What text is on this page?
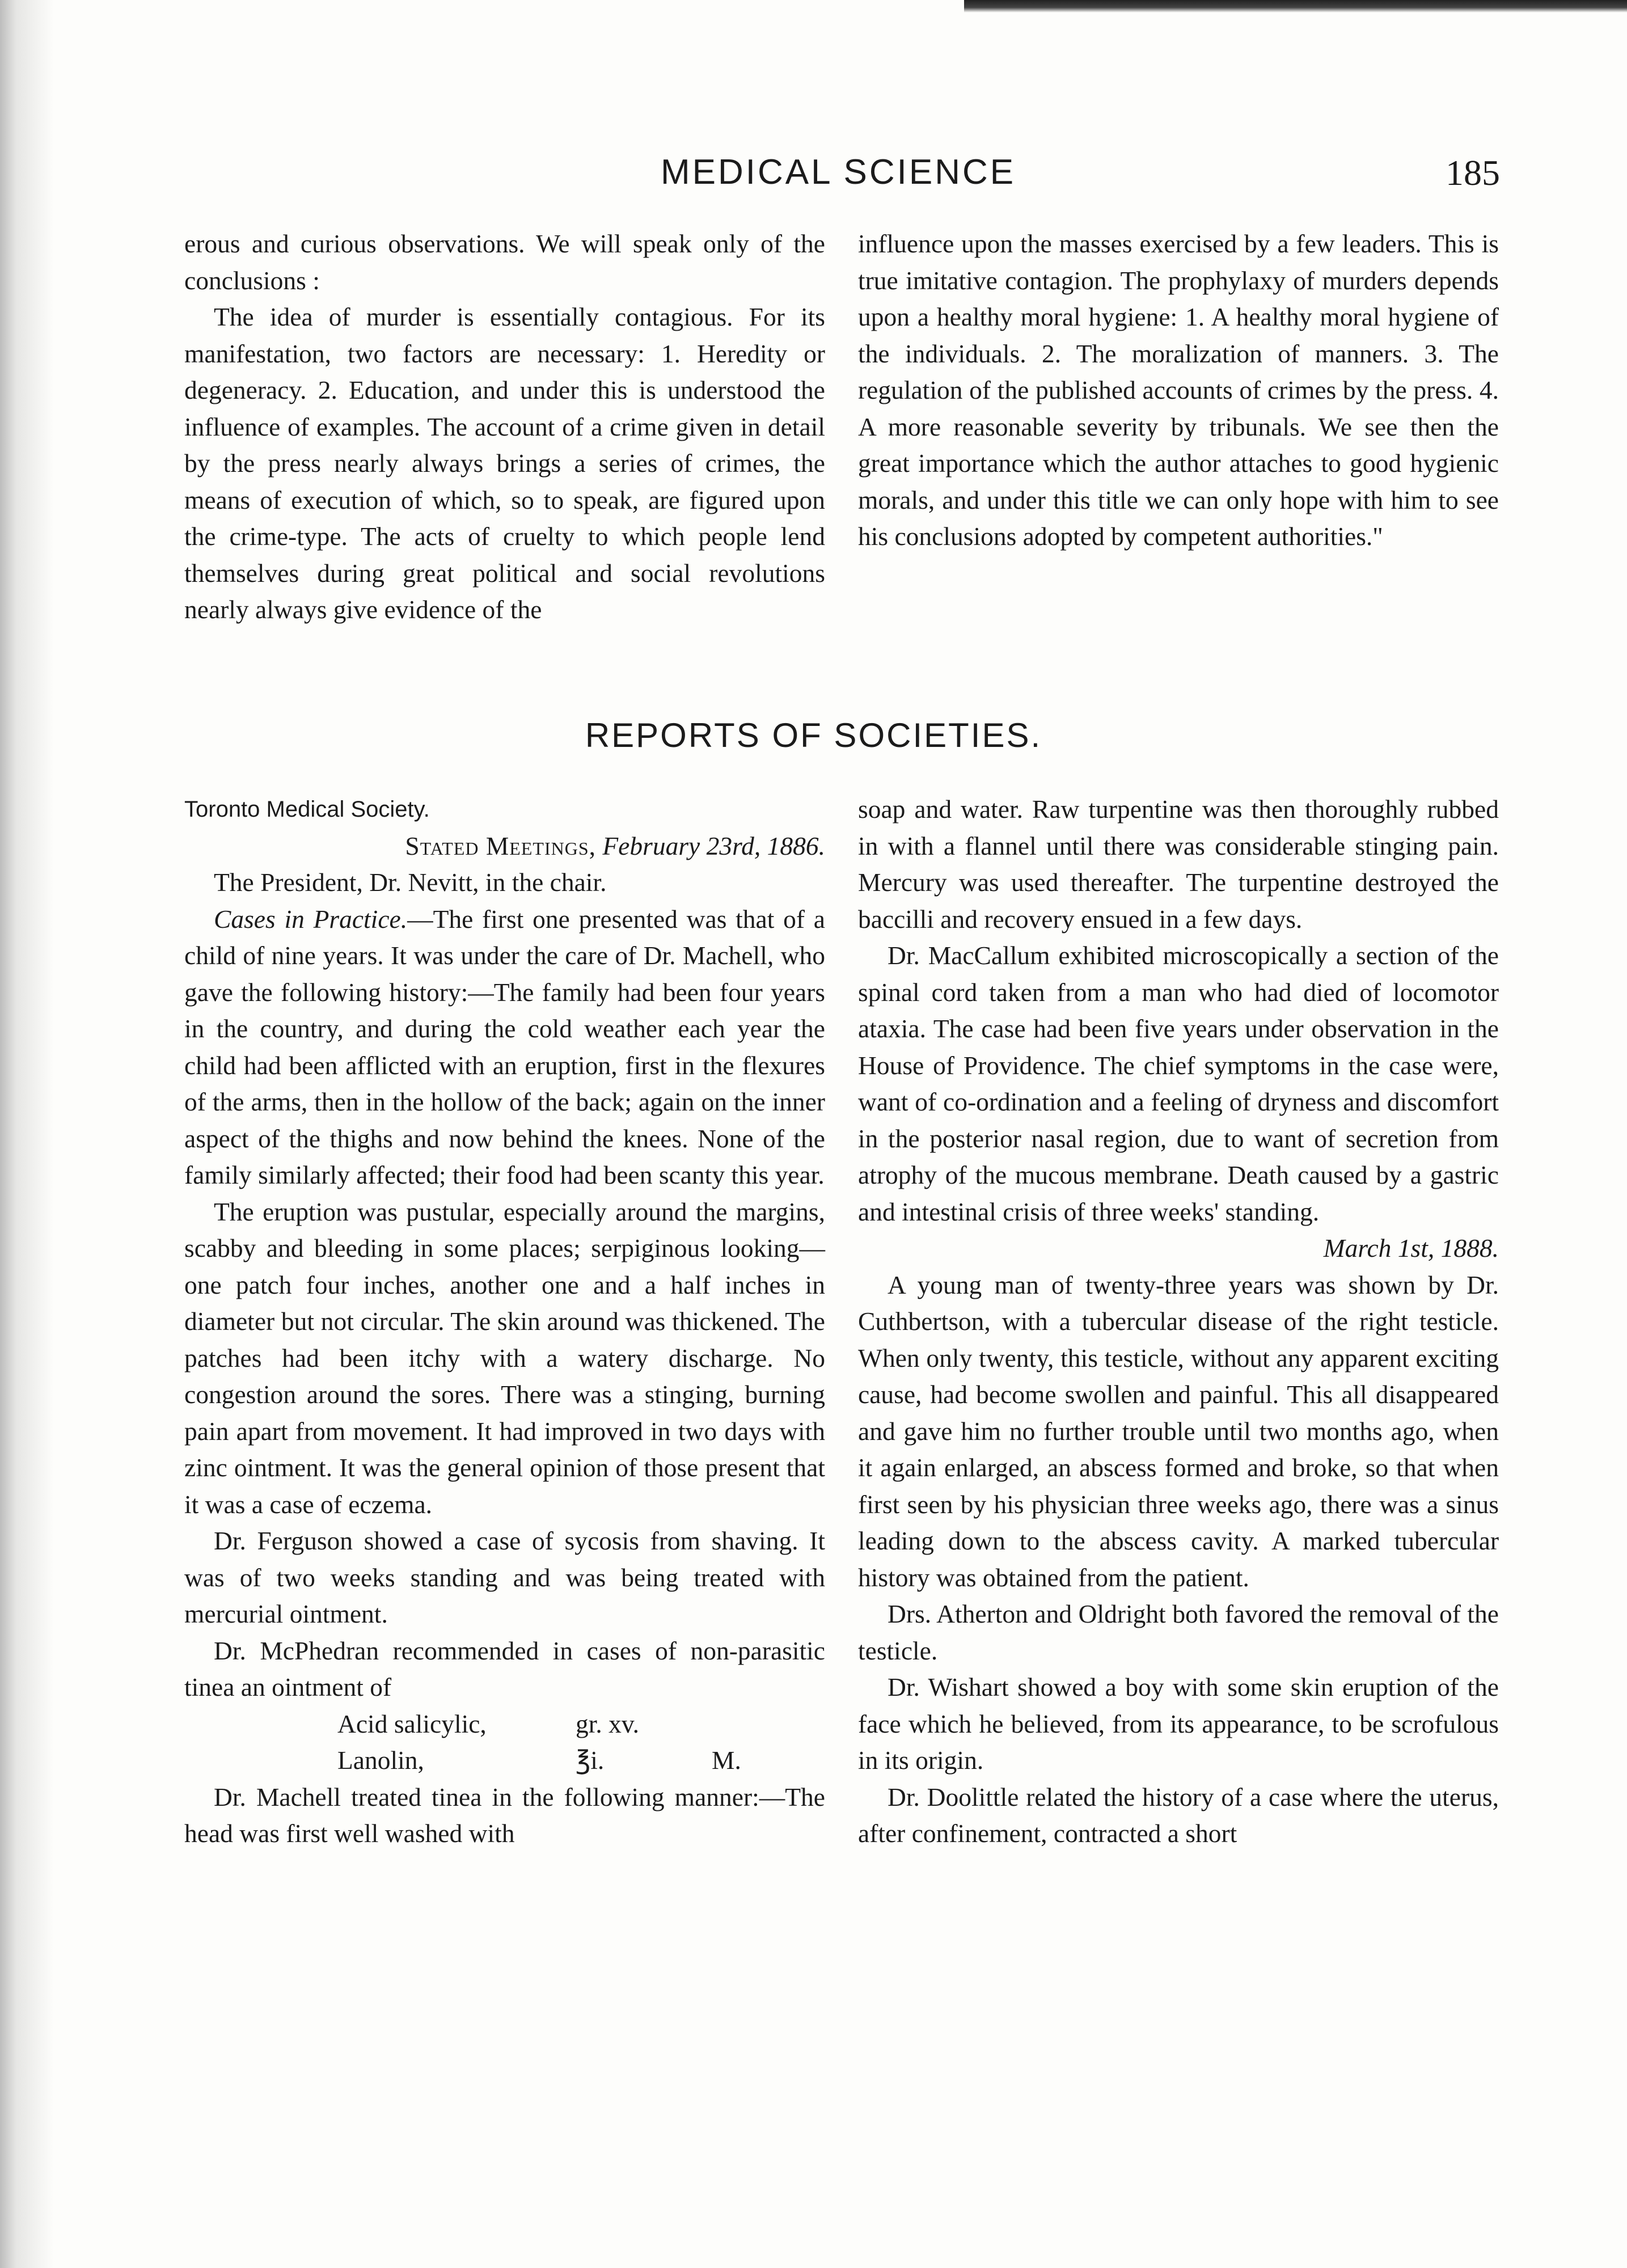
MEDICAL SCIENCE	185

erous and curious observations. We will speak only of the conclusions :

The idea of murder is essentially contagious. For its manifestation, two factors are necessary: 1. Heredity or degeneracy. 2. Education, and under this is understood the influence of examples. The account of a crime given in detail by the press nearly always brings a series of crimes, the means of execution of which, so to speak, are figured upon the crime-type. The acts of cruelty to which people lend themselves during great political and social revolutions nearly always give evidence of the

influence upon the masses exercised by a few leaders. This is true imitative contagion. The prophylaxy of murders depends upon a healthy moral hygiene: 1. A healthy moral hygiene of the individuals. 2. The moralization of manners. 3. The regulation of the published accounts of crimes by the press. 4. A more reasonable severity by tribunals. We see then the great importance which the author attaches to good hygienic morals, and under this title we can only hope with him to see his conclusions adopted by competent authorities."

REPORTS OF SOCIETIES.

Toronto Medical Society.

Stated Meetings, February 23rd, 1886.

The President, Dr. Nevitt, in the chair.

Cases in Practice.—The first one presented was that of a child of nine years. It was under the care of Dr. Machell, who gave the following history:—The family had been four years in the country, and during the cold weather each year the child had been afflicted with an eruption, first in the flexures of the arms, then in the hollow of the back; again on the inner aspect of the thighs and now behind the knees. None of the family similarly affected; their food had been scanty this year.

The eruption was pustular, especially around the margins, scabby and bleeding in some places; serpiginous looking—one patch four inches, another one and a half inches in diameter but not circular. The skin around was thickened. The patches had been itchy with a watery discharge. No congestion around the sores. There was a stinging, burning pain apart from movement. It had improved in two days with zinc ointment. It was the general opinion of those present that it was a case of eczema.

Dr. Ferguson showed a case of sycosis from shaving. It was of two weeks standing and was being treated with mercurial ointment.

Dr. McPhedran recommended in cases of non-parasitic tinea an ointment of

Acid salicylic,	gr. xv.
Lanolin,	℥i.	M.

Dr. Machell treated tinea in the following manner:—The head was first well washed with

soap and water. Raw turpentine was then thoroughly rubbed in with a flannel until there was considerable stinging pain. Mercury was used thereafter. The turpentine destroyed the baccilli and recovery ensued in a few days.

Dr. MacCallum exhibited microscopically a section of the spinal cord taken from a man who had died of locomotor ataxia. The case had been five years under observation in the House of Providence. The chief symptoms in the case were, want of co-ordination and a feeling of dryness and discomfort in the posterior nasal region, due to want of secretion from atrophy of the mucous membrane. Death caused by a gastric and intestinal crisis of three weeks' standing.

March 1st, 1888.

A young man of twenty-three years was shown by Dr. Cuthbertson, with a tubercular disease of the right testicle. When only twenty, this testicle, without any apparent exciting cause, had become swollen and painful. This all disappeared and gave him no further trouble until two months ago, when it again enlarged, an abscess formed and broke, so that when first seen by his physician three weeks ago, there was a sinus leading down to the abscess cavity. A marked tubercular history was obtained from the patient.

Drs. Atherton and Oldright both favored the removal of the testicle.

Dr. Wishart showed a boy with some skin eruption of the face which he believed, from its appearance, to be scrofulous in its origin.

Dr. Doolittle related the history of a case where the uterus, after confinement, contracted a short
